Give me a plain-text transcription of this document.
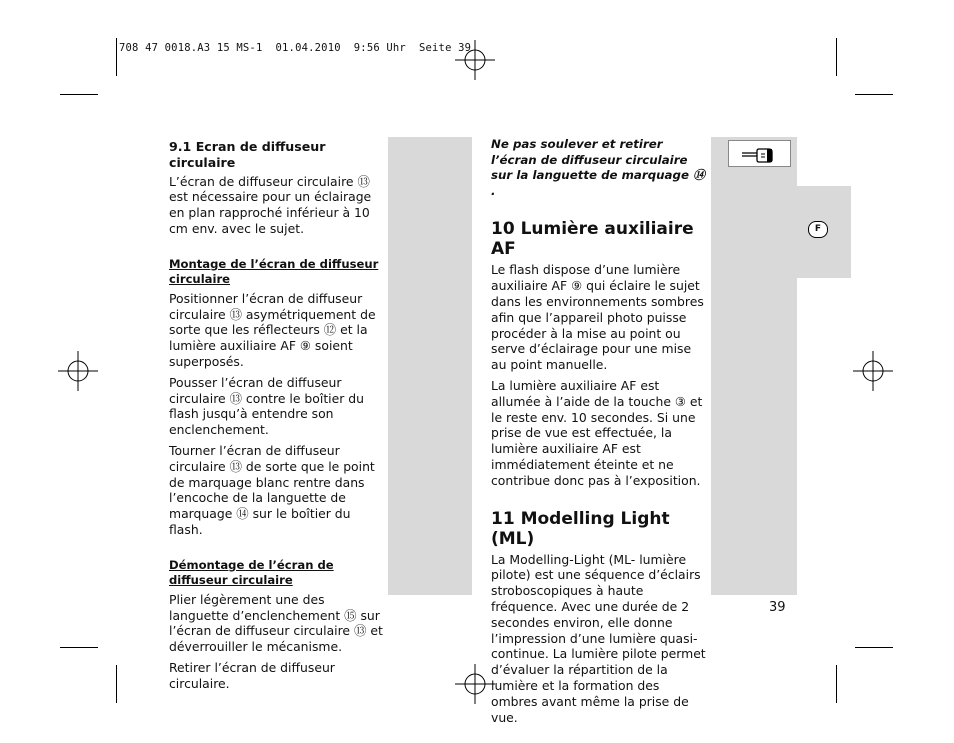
708 47 0018.A3 15 MS-1  01.04.2010  9:56 Uhr  Seite 39
F
9.1 Ecran de diffuseur circulaire

L’écran de diffuseur circulaire ⑬ est nécessaire pour un éclairage en plan rapproché inférieur à 10 cm env. avec le sujet.

Montage de l’écran de diffuseur circulaire

Positionner l’écran de diffuseur circulaire ⑬ asymétriquement de sorte que les réflecteurs ⑫ et la lumière auxiliaire AF ⑨ soient superposés.

Pousser l’écran de diffuseur circulaire ⑬ contre le boîtier du flash jusqu’à entendre son enclenchement.

Tourner l’écran de diffuseur circulaire ⑬ de sorte que le point de marquage blanc rentre dans l’encoche de la languette de marquage ⑭ sur le boîtier du flash.

Démontage de l’écran de diffuseur circulaire

Plier légèrement une des languette d’enclenchement ⑮ sur l’écran de diffuseur circulaire ⑬ et déverrouiller le mécanisme.

Retirer l’écran de diffuseur circulaire.

Ne pas soulever et retirer l’écran de diffuseur circulaire sur la languette de marquage ⑭ .

10 Lumière auxiliaire AF

Le flash dispose d’une lumière auxiliaire AF ⑨ qui éclaire le sujet dans les environnements sombres afin que l’appareil photo puisse procéder à la mise au point ou serve d’éclairage pour une mise au point manuelle.

La lumière auxiliaire AF est allumée à l’aide de la touche ③ et le reste env. 10 secondes. Si une prise de vue est effectuée, la lumière auxiliaire AF est immédiatement éteinte et ne contribue donc pas à l’exposition.

11 Modelling Light (ML)

La Modelling-Light (ML- lumière pilote) est une séquence d’éclairs stroboscopiques à haute fréquence. Avec une durée de 2 secondes environ, elle donne l’impression d’une lumière quasi-continue. La lumière pilote permet d’évaluer la répartition de la lumière et la formation des ombres avant même la prise de vue.

39
